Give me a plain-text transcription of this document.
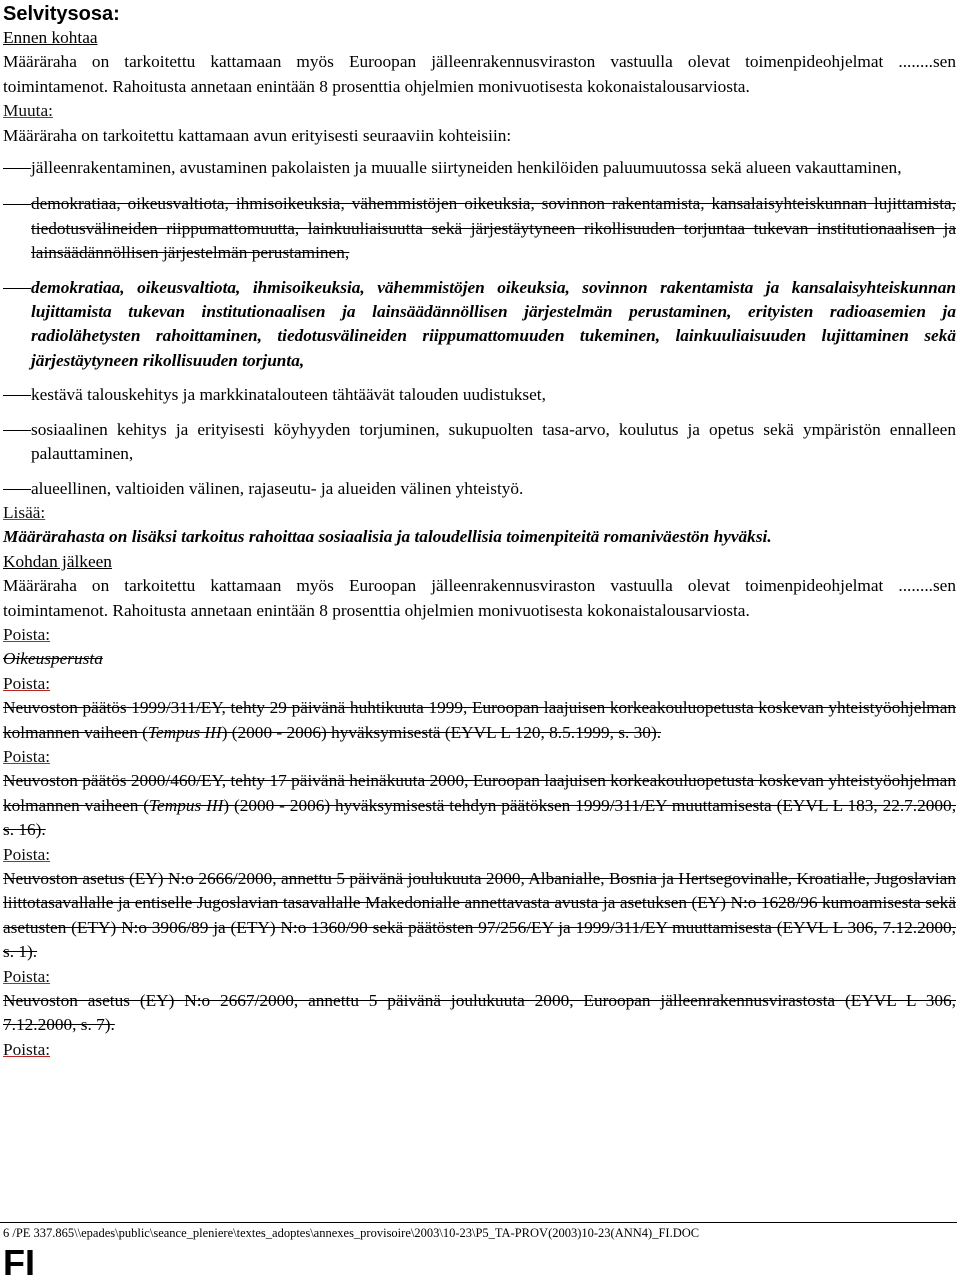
Selvitysosa:
Ennen kohtaa

Määräraha on tarkoitettu kattamaan myös Euroopan jälleenrakennusviraston vastuulla olevat toimenpideohjelmat ........sen toimintamenot. Rahoitusta annetaan enintään 8 prosenttia ohjelmien monivuotisesta kokonaistalousarviosta.

Muuta:

Määräraha on tarkoitettu kattamaan avun erityisesti seuraaviin kohteisiin:

jälleenrakentaminen, avustaminen pakolaisten ja muualle siirtyneiden henkilöiden paluumuutossa sekä alueen vakauttaminen,
demokratiaa, oikeusvaltiota, ihmisoikeuksia, vähemmistöjen oikeuksia, sovinnon rakentamista, kansalaisyhteiskunnan lujittamista, tiedotusvälineiden riippumattomuutta, lainkuuliaisuutta sekä järjestäytyneen rikollisuuden torjuntaa tukevan institutionaalisen ja lainsäädännöllisen järjestelmän perustaminen,
demokratiaa, oikeusvaltiota, ihmisoikeuksia, vähemmistöjen oikeuksia, sovinnon rakentamista ja kansalaisyhteiskunnan lujittamista tukevan institutionaalisen ja lainsäädännöllisen järjestelmän perustaminen, erityisten radioasemien ja radiolähetysten rahoittaminen, tiedotusvälineiden riippumattomuuden tukeminen, lainkuuliaisuuden lujittaminen sekä järjestäytyneen rikollisuuden torjunta,
kestävä talouskehitys ja markkinatalouteen tähtäävät talouden uudistukset,
sosiaalinen kehitys ja erityisesti köyhyyden torjuminen, sukupuolten tasa-arvo, koulutus ja opetus sekä ympäristön ennalleen palauttaminen,
alueellinen, valtioiden välinen, rajaseutu- ja alueiden välinen yhteistyö.
Lisää:

Määrärahasta on lisäksi tarkoitus rahoittaa sosiaalisia ja taloudellisia toimenpiteitä romaniväestön hyväksi.

Kohdan jälkeen

Määräraha on tarkoitettu kattamaan myös Euroopan jälleenrakennusviraston vastuulla olevat toimenpideohjelmat ........sen toimintamenot. Rahoitusta annetaan enintään 8 prosenttia ohjelmien monivuotisesta kokonaistalousarviosta.

Poista:
Oikeusperusta
Poista:

Neuvoston päätös 1999/311/EY, tehty 29 päivänä huhtikuuta 1999, Euroopan laajuisen korkeakouluopetusta koskevan yhteistyöohjelman kolmannen vaiheen (Tempus III) (2000 - 2006) hyväksymisestä (EYVL L 120, 8.5.1999, s. 30).

Poista:

Neuvoston päätös 2000/460/EY, tehty 17 päivänä heinäkuuta 2000, Euroopan laajuisen korkeakouluopetusta koskevan yhteistyöohjelman kolmannen vaiheen (Tempus III) (2000 - 2006) hyväksymisestä tehdyn päätöksen 1999/311/EY muuttamisesta (EYVL L 183, 22.7.2000, s. 16).

Poista:

Neuvoston asetus (EY) N:o 2666/2000, annettu 5 päivänä joulukuuta 2000, Albanialle, Bosnia ja Hertsegovinalle, Kroatialle, Jugoslavian liittotasavallalle ja entiselle Jugoslavian tasavallalle Makedonialle annettavasta avusta ja asetuksen (EY) N:o 1628/96 kumoamisesta sekä asetusten (ETY) N:o 3906/89 ja (ETY) N:o 1360/90 sekä päätösten 97/256/EY ja 1999/311/EY muuttamisesta (EYVL L 306, 7.12.2000, s. 1).

Poista:

Neuvoston asetus (EY) N:o 2667/2000, annettu 5 päivänä joulukuuta 2000, Euroopan jälleenrakennusvirastosta (EYVL L 306, 7.12.2000, s. 7).

Poista:
6 /PE 337.865\\epades\public\seance_pleniere\textes_adoptes\annexes_provisoire\2003\10-23\P5_TA-PROV(2003)10-23(ANN4)_FI.DOC
FI
